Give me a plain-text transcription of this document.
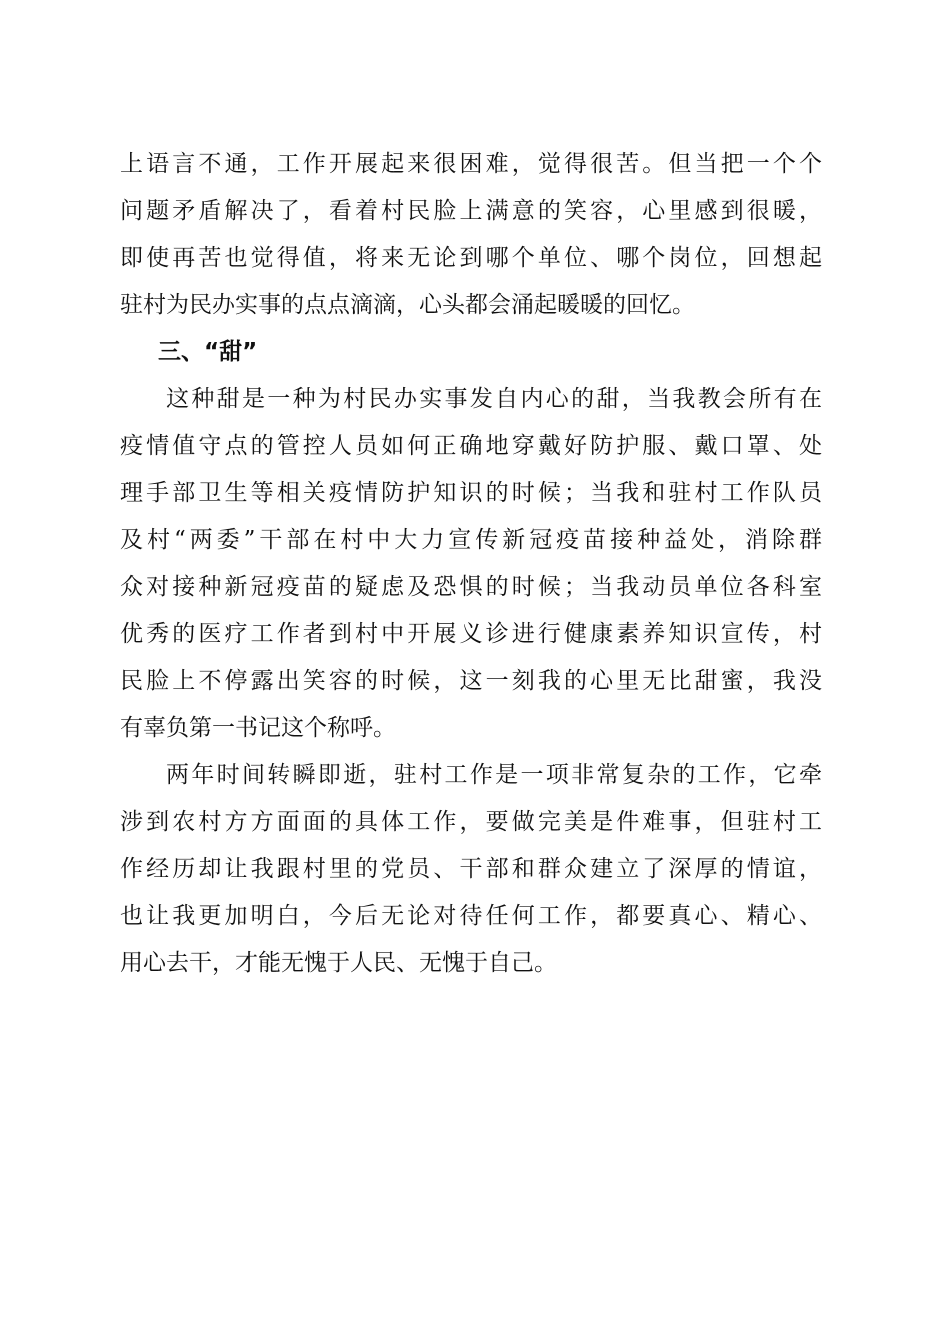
上语言不通，工作开展起来很困难，觉得很苦。但当把一个个
问题矛盾解决了，看着村民脸上满意的笑容，心里感到很暖，
即使再苦也觉得值，将来无论到哪个单位、哪个岗位，回想起
驻村为民办实事的点点滴滴，心头都会涌起暖暖的回忆。
三、“甜”
这种甜是一种为村民办实事发自内心的甜，当我教会所有在
疫情值守点的管控人员如何正确地穿戴好防护服、戴口罩、处
理手部卫生等相关疫情防护知识的时候；当我和驻村工作队员
及村“两委”干部在村中大力宣传新冠疫苗接种益处，消除群
众对接种新冠疫苗的疑虑及恐惧的时候；当我动员单位各科室
优秀的医疗工作者到村中开展义诊进行健康素养知识宣传，村
民脸上不停露出笑容的时候，这一刻我的心里无比甜蜜，我没
有辜负第一书记这个称呼。
两年时间转瞬即逝，驻村工作是一项非常复杂的工作，它牵
涉到农村方方面面的具体工作，要做完美是件难事，但驻村工
作经历却让我跟村里的党员、干部和群众建立了深厚的情谊，
也让我更加明白，今后无论对待任何工作，都要真心、精心、
用心去干，才能无愧于人民、无愧于自己。
